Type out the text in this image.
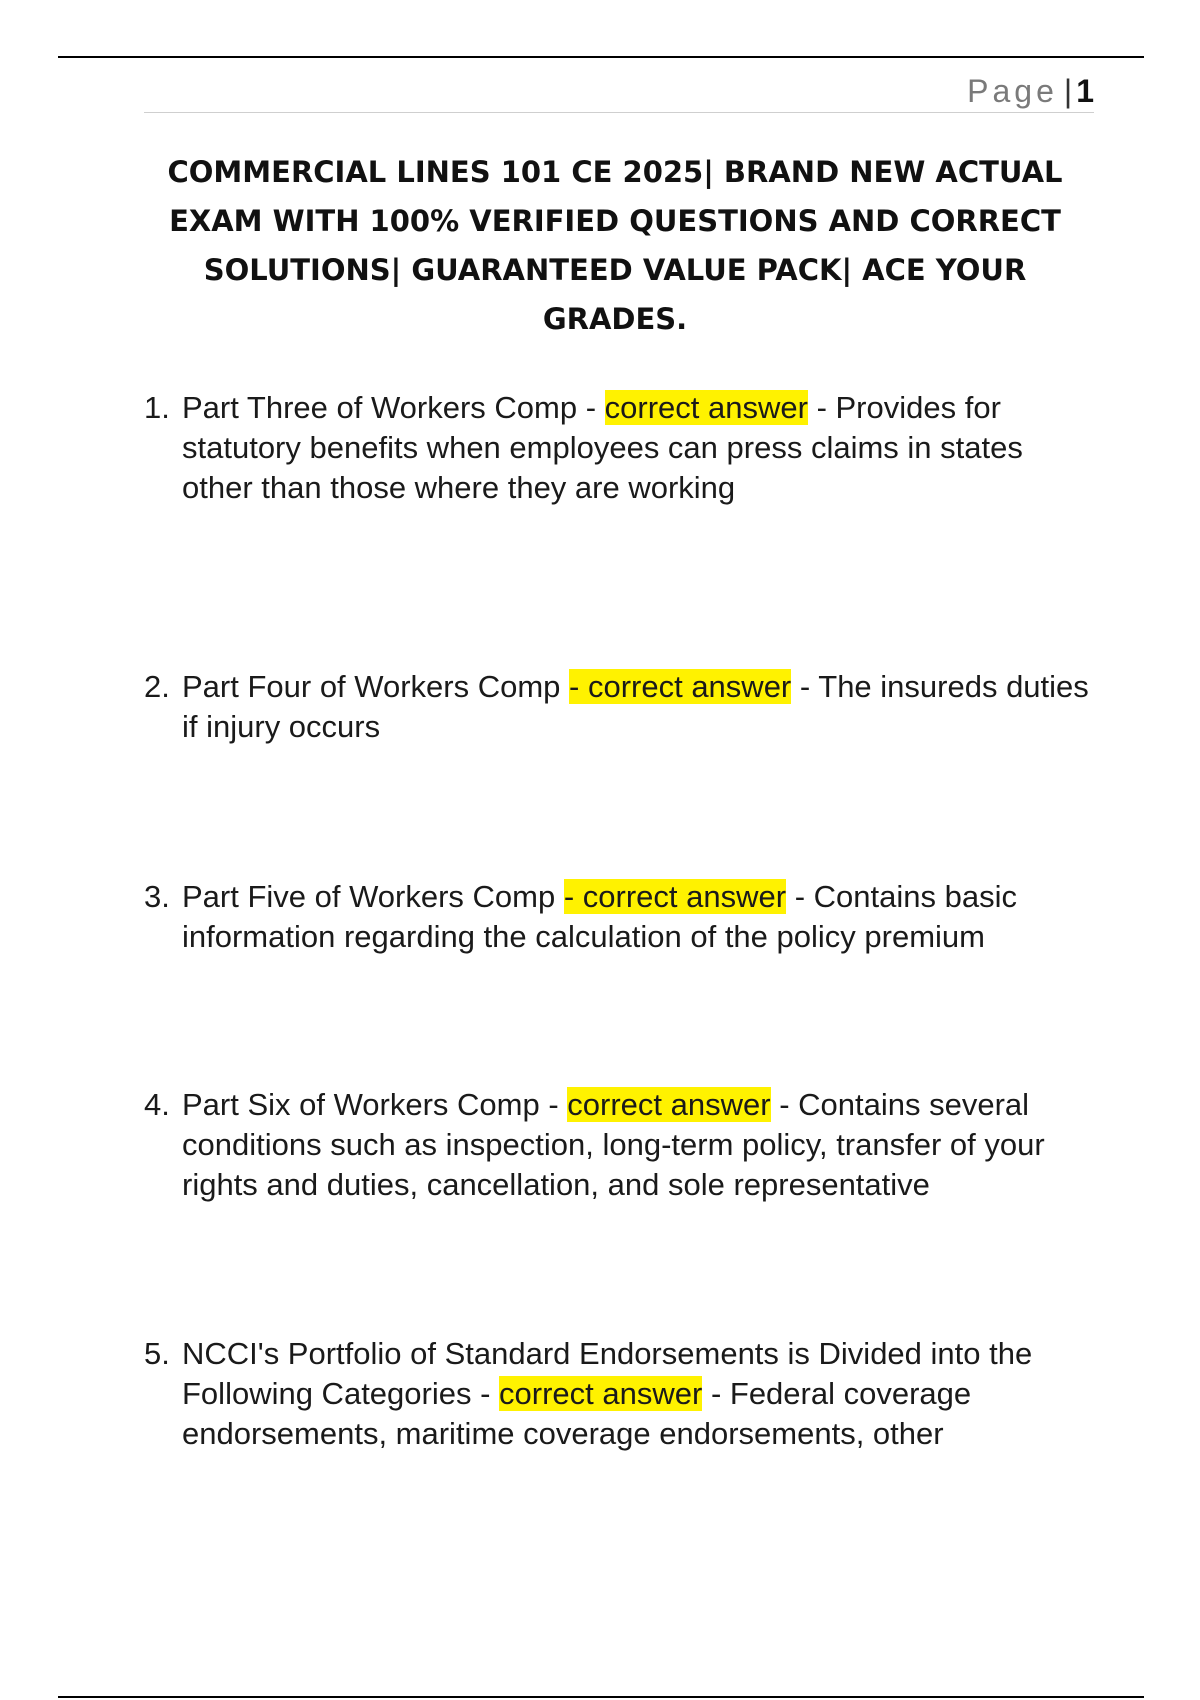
Page | 1
COMMERCIAL LINES 101 CE 2025| BRAND NEW ACTUAL EXAM WITH 100% VERIFIED QUESTIONS AND CORRECT SOLUTIONS| GUARANTEED VALUE PACK| ACE YOUR GRADES.
1. Part Three of Workers Comp - correct answer - Provides for statutory benefits when employees can press claims in states other than those where they are working
2. Part Four of Workers Comp - correct answer - The insureds duties if injury occurs
3. Part Five of Workers Comp - correct answer - Contains basic information regarding the calculation of the policy premium
4. Part Six of Workers Comp - correct answer - Contains several conditions such as inspection, long-term policy, transfer of your rights and duties, cancellation, and sole representative
5. NCCI's Portfolio of Standard Endorsements is Divided into the Following Categories - correct answer - Federal coverage endorsements, maritime coverage endorsements, other
